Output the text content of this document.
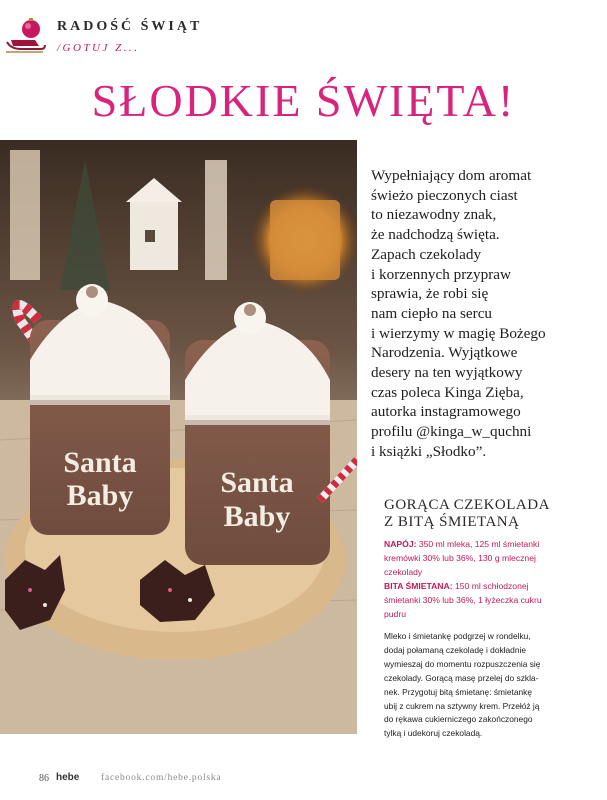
RADOŚĆ ŚWIĄT
/GOTUJ Z...
SŁODKIE ŚWIĘTA!
Santa
Baby	Santa
Baby

Wypełniający dom aromat
świeżo pieczonych ciast
to niezawodny znak,
że nadchodzą święta.
Zapach czekolady
i korzennych przypraw
sprawia, że robi się
nam ciepło na sercu
i wierzymy w magię Bożego
Narodzenia. Wyjątkowe
desery na ten wyjątkowy
czas poleca Kinga Zięba,
autorka instagramowego
profilu @kinga_w_quchni
i książki „Słodko”.

GORĄCA CZEKOLADA
Z BITĄ ŚMIETANĄ
NAPÓJ: 350 ml mleka, 125 ml śmietanki
kremówki 30% lub 36%, 130 g mlecznej
czekolady
BITA ŚMIETANA: 150 ml schłodzonej
śmietanki 30% lub 36%, 1 łyżeczka cukru
pudru
Mleko i śmietankę podgrzej w rondelku,
dodaj połamaną czekoladę i dokładnie
wymieszaj do momentu rozpuszczenia się
czekolady. Gorącą masę przelej do szkla-
nek. Przygotuj bitą śmietanę: śmietankę
ubij z cukrem na sztywny krem. Przełóż ją
do rękawa cukierniczego zakończonego
tylką i udekoruj czekoladą.
86 hebe facebook.com/hebe.polska
